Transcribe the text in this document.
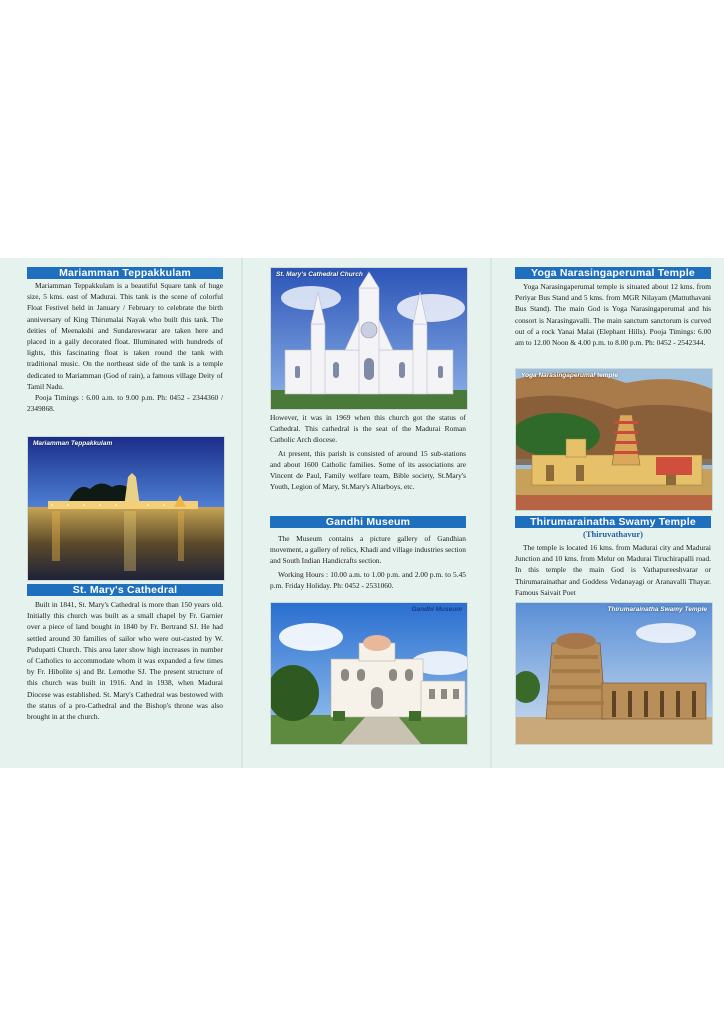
Mariamman Teppakkulam

Mariamman Teppakkulam is a beautiful Square tank of huge size, 5 kms. east of Madurai. This tank is the scene of colorful Float Festivel held in January / February to celebrate the birth anniversary of King Thirumalai Nayak who built this tank. The deities of Meenakshi and Sundareswarar are taken here and placed in a gaily decorated float. Illuminated with hundreds of lights, this fascinating float is taken round the tank with traditional music. On the northeast side of the tank is a temple dedicated to Mariamman (God of rain), a famous village Deity of Tamil Nadu.

Pooja Timings : 6.00 a.m. to 9.00 p.m. Ph: 0452 - 2344360 / 2349868.

Mariamman Teppakkulam
St. Mary's Cathedral

Built in 1841, St. Mary's Cathedral is more than 150 years old. Initially this church was built as a small chapel by Fr. Garnier over a piece of land bought in 1840 by Fr. Bertrand SJ. He had settled around 30 families of sailor who were out-casted by W. Pudupatti Church. This area later show high increases in number of Catholics to accommodate whom it was expanded a few times by Fr. Hibolite sj and Br. Lemothe SJ. The present structure of this church was built in 1916. And in 1938, when Madurai Diocese was established. St. Mary's Cathedral was bestowed with the status of a pro-Cathedral and the Bishop's throne was also brought in at the church.

St. Mary's Cathedral Church

However, it was in 1969 when this church got the status of Cathedral. This cathedral is the seat of the Madurai Roman Catholic Arch diocese.

At present, this parish is consisted of around 15 sub-stations and about 1600 Catholic families. Some of its associations are Vincent de Paul, Family welfare team, Bible society, St.Mary's Youth, Legion of Mary, St.Mary's Altarboys, etc.

Gandhi Museum

The Museum contains a picture gallery of Gandhian movement, a gallery of relics, Khadi and village industries section and South Indian Handicrafts section.

Working Hours : 10.00 a.m. to 1.00 p.m. and 2.00 p.m. to 5.45 p.m. Friday Holiday. Ph: 0452 - 2531060.

Gandhi Museum
Yoga Narasingaperumal Temple

Yoga Narasingaperumal temple is situated about 12 kms. from Periyar Bus Stand and 5 kms. from MGR Nilayam (Mattuthavani Bus Stand). The main God is Yoga Narasingaperumal and his consort is Narasingavalli. The main sanctum sanctorum is curved out of a rock Yanai Malai (Elephant Hills). Pooja Timings: 6.00 am to 12.00 Noon & 4.00 p.m. to 8.00 p.m. Ph: 0452 - 2542344.

Yoga Narasingaperumal temple
Thirumarainatha Swamy Temple
(Thiruvathavur)

The temple is located 16 kms. from Madurai city and Madurai Junction and 10 kms. from Melur on Madurai Tiruchirapalli road. In this temple the main God is Vathapureeshvarar or Thirumarainathar and Goddess Vedanayagi or Aranavalli Thayar. Famous Saivait Poet

Thirumarainatha Swamy Temple
